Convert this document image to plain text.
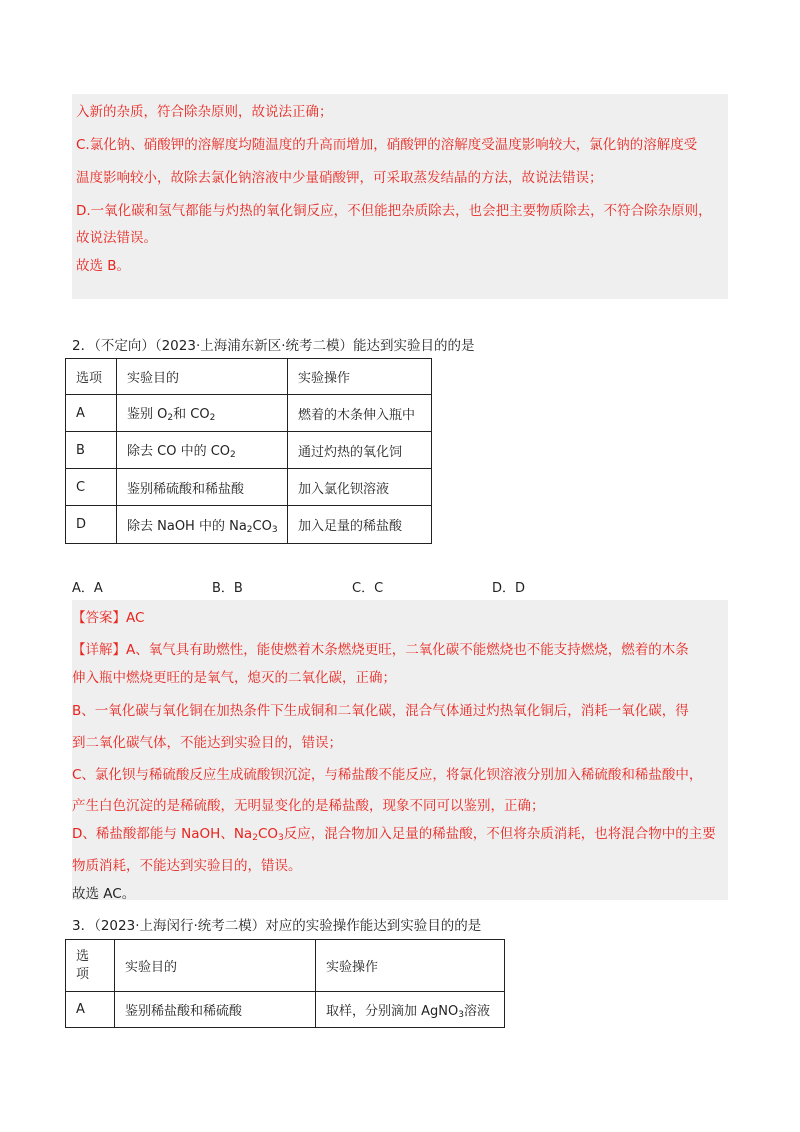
入新的杂质，符合除杂原则，故说法正确；
C.氯化钠、硝酸钾的溶解度均随温度的升高而增加，硝酸钾的溶解度受温度影响较大，氯化钠的溶解度受
温度影响较小，故除去氯化钠溶液中少量硝酸钾，可采取蒸发结晶的方法，故说法错误；
D.一氧化碳和氢气都能与灼热的氧化铜反应，不但能把杂质除去，也会把主要物质除去，不符合除杂原则，
故说法错误。
故选 B。
2．（不定向）（2023·上海浦东新区·统考二模）能达到实验目的的是
选项	实验目的	实验操作
A	鉴别 $O_2$和 $CO_2$	燃着的木条伸入瓶中
B	除去 CO 中的 $CO_2$	通过灼热的氧化饲
C	鉴别稀硫酸和稀盐酸	加入氯化钡溶液
D	除去 NaOH 中的 $Na_2CO_3$	加入足量的稀盐酸
A．A	B．B	C．C	D．D
【答案】AC
【详解】A、氧气具有助燃性，能使燃着木条燃烧更旺，二氧化碳不能燃烧也不能支持燃烧，燃着的木条
伸入瓶中燃烧更旺的是氧气，熄灭的二氧化碳，正确；
B、一氧化碳与氧化铜在加热条件下生成铜和二氧化碳，混合气体通过灼热氧化铜后，消耗一氧化碳，得
到二氧化碳气体，不能达到实验目的，错误；
C、氯化钡与稀硫酸反应生成硫酸钡沉淀，与稀盐酸不能反应，将氯化钡溶液分别加入稀硫酸和稀盐酸中，
产生白色沉淀的是稀硫酸，无明显变化的是稀盐酸，现象不同可以鉴别，正确；
D、稀盐酸都能与 NaOH、$Na_2CO_3$反应，混合物加入足量的稀盐酸，不但将杂质消耗，也将混合物中的主要
物质消耗，不能达到实验目的，错误。
故选 AC。
3．（2023·上海闵行·统考二模）对应的实验操作能达到实验目的的是
选
项	实验目的	实验操作
A	鉴别稀盐酸和稀硫酸	取样，分别滴加 AgNO$_3$溶液
